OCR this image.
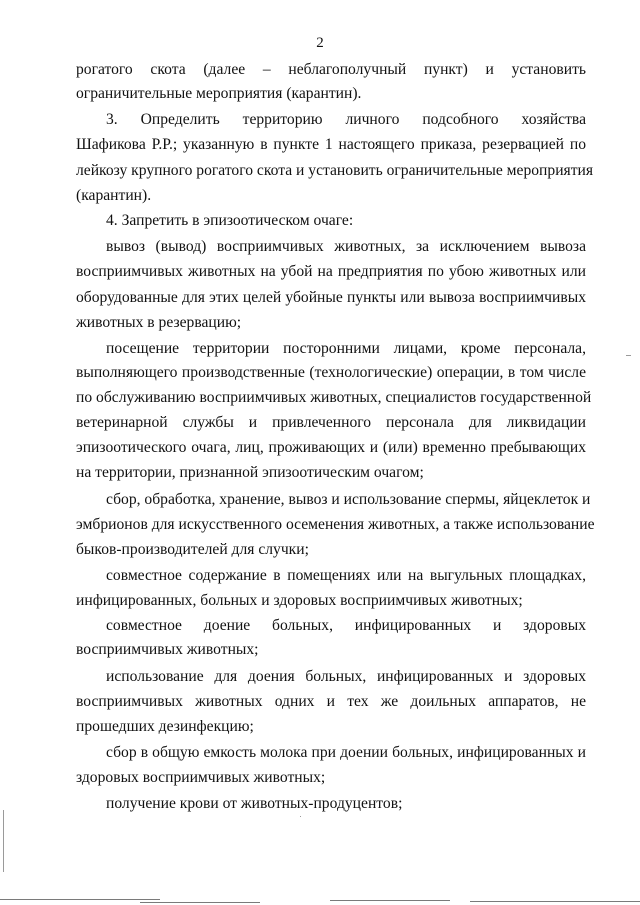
2
рогатого скота (далее – неблагополучный пункт) и установить
ограничительные мероприятия (карантин).
3. Определить территорию личного подсобного хозяйства
Шафикова Р.Р.; указанную в пункте 1 настоящего приказа, резервацией по
лейкозу крупного рогатого скота и установить ограничительные мероприятия
(карантин).
4. Запретить в эпизоотическом очаге:
вывоз (вывод) восприимчивых животных, за исключением вывоза
восприимчивых животных на убой на предприятия по убою животных или
оборудованные для этих целей убойные пункты или вывоза восприимчивых
животных в резервацию;
посещение территории посторонними лицами, кроме персонала,
выполняющего производственные (технологические) операции, в том числе
по обслуживанию восприимчивых животных, специалистов государственной
ветеринарной службы и привлеченного персонала для ликвидации
эпизоотического очага, лиц, проживающих и (или) временно пребывающих
на территории, признанной эпизоотическим очагом;
сбор, обработка, хранение, вывоз и использование спермы, яйцеклеток и
эмбрионов для искусственного осеменения животных, а также использование
быков-производителей для случки;
совместное содержание в помещениях или на выгульных площадках,
инфицированных, больных и здоровых восприимчивых животных;
совместное доение больных, инфицированных и здоровых
восприимчивых животных;
использование для доения больных, инфицированных и здоровых
восприимчивых животных одних и тех же доильных аппаратов, не
прошедших дезинфекцию;
сбор в общую емкость молока при доении больных, инфицированных и
здоровых восприимчивых животных;
получение крови от животных-продуцентов;
